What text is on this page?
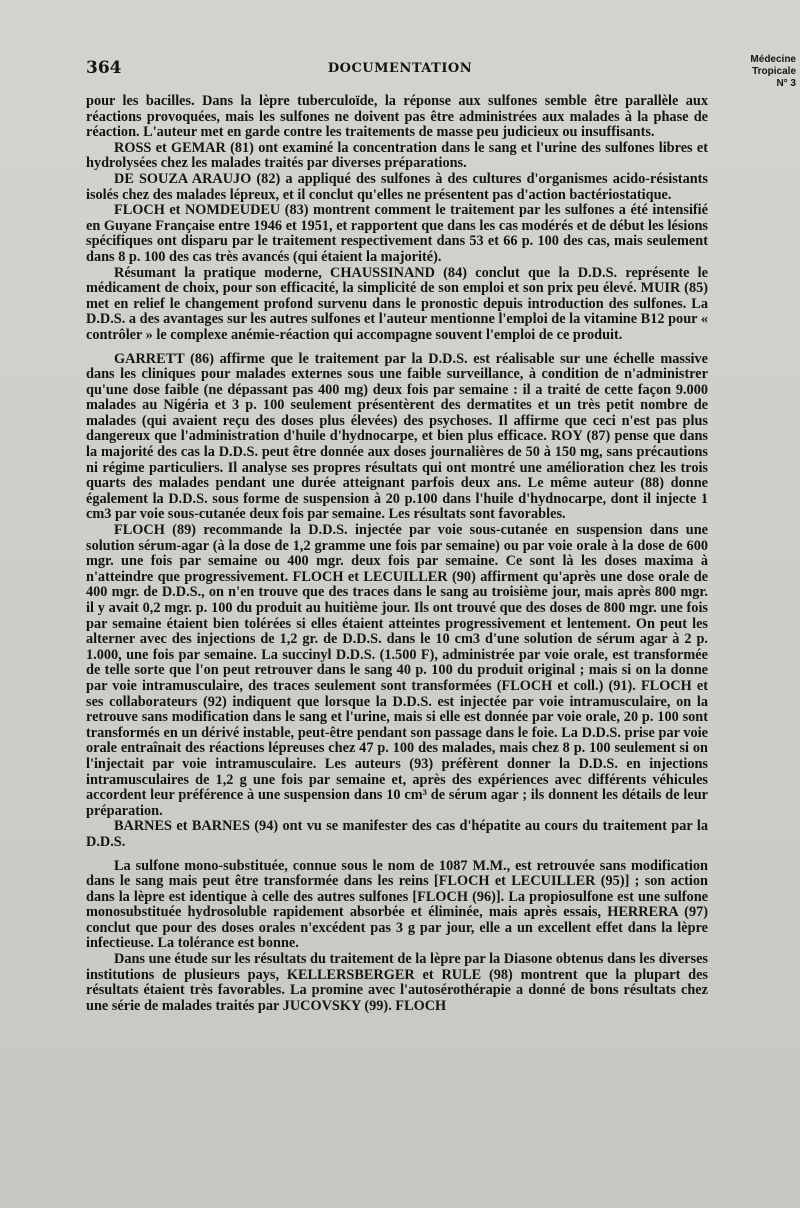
364	DOCUMENTATION
Médecine
Tropicale
N° 3

pour les bacilles. Dans la lèpre tuberculoïde, la réponse aux sulfones semble être parallèle aux réactions provoquées, mais les sulfones ne doivent pas être administrées aux malades à la phase de réaction. L'auteur met en garde contre les traitements de masse peu judicieux ou insuffisants.

ROSS et GEMAR (81) ont examiné la concentration dans le sang et l'urine des sulfones libres et hydrolysées chez les malades traités par diverses préparations.

DE SOUZA ARAUJO (82) a appliqué des sulfones à des cultures d'organismes acido-résistants isolés chez des malades lépreux, et il conclut qu'elles ne présentent pas d'action bactériostatique.

FLOCH et NOMDEUDEU (83) montrent comment le traitement par les sulfones a été intensifié en Guyane Française entre 1946 et 1951, et rapportent que dans les cas modérés et de début les lésions spécifiques ont disparu par le traitement respectivement dans 53 et 66 p. 100 des cas, mais seulement dans 8 p. 100 des cas très avancés (qui étaient la majorité).

Résumant la pratique moderne, CHAUSSINAND (84) conclut que la D.D.S. représente le médicament de choix, pour son efficacité, la simplicité de son emploi et son prix peu élevé. MUIR (85) met en relief le changement profond survenu dans le pronostic depuis introduction des sulfones. La D.D.S. a des avantages sur les autres sulfones et l'auteur mentionne l'emploi de la vitamine B12 pour « contrôler » le complexe anémie-réaction qui accompagne souvent l'emploi de ce produit.

GARRETT (86) affirme que le traitement par la D.D.S. est réalisable sur une échelle massive dans les cliniques pour malades externes sous une faible surveillance, à condition de n'administrer qu'une dose faible (ne dépassant pas 400 mg) deux fois par semaine : il a traité de cette façon 9.000 malades au Nigéria et 3 p. 100 seulement présentèrent des dermatites et un très petit nombre de malades (qui avaient reçu des doses plus élevées) des psychoses. Il affirme que ceci n'est pas plus dangereux que l'administration d'huile d'hydnocarpe, et bien plus efficace. ROY (87) pense que dans la majorité des cas la D.D.S. peut être donnée aux doses journalières de 50 à 150 mg, sans précautions ni régime particuliers. Il analyse ses propres résultats qui ont montré une amélioration chez les trois quarts des malades pendant une durée atteignant parfois deux ans. Le même auteur (88) donne également la D.D.S. sous forme de suspension à 20 p.100 dans l'huile d'hydnocarpe, dont il injecte 1 cm3 par voie sous-cutanée deux fois par semaine. Les résultats sont favorables.

FLOCH (89) recommande la D.D.S. injectée par voie sous-cutanée en suspension dans une solution sérum-agar (à la dose de 1,2 gramme une fois par semaine) ou par voie orale à la dose de 600 mgr. une fois par semaine ou 400 mgr. deux fois par semaine. Ce sont là les doses maxima à n'atteindre que progressivement. FLOCH et LECUILLER (90) affirment qu'après une dose orale de 400 mgr. de D.D.S., on n'en trouve que des traces dans le sang au troisième jour, mais après 800 mgr. il y avait 0,2 mgr. p. 100 du produit au huitième jour. Ils ont trouvé que des doses de 800 mgr. une fois par semaine étaient bien tolérées si elles étaient atteintes progressivement et lentement. On peut les alterner avec des injections de 1,2 gr. de D.D.S. dans le 10 cm3 d'une solution de sérum agar à 2 p. 1.000, une fois par semaine. La succinyl D.D.S. (1.500 F), administrée par voie orale, est transformée de telle sorte que l'on peut retrouver dans le sang 40 p. 100 du produit original ; mais si on la donne par voie intramusculaire, des traces seulement sont transformées (FLOCH et coll.) (91). FLOCH et ses collaborateurs (92) indiquent que lorsque la D.D.S. est injectée par voie intramusculaire, on la retrouve sans modification dans le sang et l'urine, mais si elle est donnée par voie orale, 20 p. 100 sont transformés en un dérivé instable, peut-être pendant son passage dans le foie. La D.D.S. prise par voie orale entraînait des réactions lépreuses chez 47 p. 100 des malades, mais chez 8 p. 100 seulement si on l'injectait par voie intramusculaire. Les auteurs (93) préfèrent donner la D.D.S. en injections intramusculaires de 1,2 g une fois par semaine et, après des expériences avec différents véhicules accordent leur préférence à une suspension dans 10 cm³ de sérum agar ; ils donnent les détails de leur préparation.

BARNES et BARNES (94) ont vu se manifester des cas d'hépatite au cours du traitement par la D.D.S.

La sulfone mono-substituée, connue sous le nom de 1087 M.M., est retrouvée sans modification dans le sang mais peut être transformée dans les reins [FLOCH et LECUILLER (95)] ; son action dans la lèpre est identique à celle des autres sulfones [FLOCH (96)]. La propiosulfone est une sulfone monosubstituée hydrosoluble rapidement absorbée et éliminée, mais après essais, HERRERA (97) conclut que pour des doses orales n'excédent pas 3 g par jour, elle a un excellent effet dans la lèpre infectieuse. La tolérance est bonne.

Dans une étude sur les résultats du traitement de la lèpre par la Diasone obtenus dans les diverses institutions de plusieurs pays, KELLERSBERGER et RULE (98) montrent que la plupart des résultats étaient très favorables. La promine avec l'autosérothérapie a donné de bons résultats chez une série de malades traités par JUCOVSKY (99). FLOCH
